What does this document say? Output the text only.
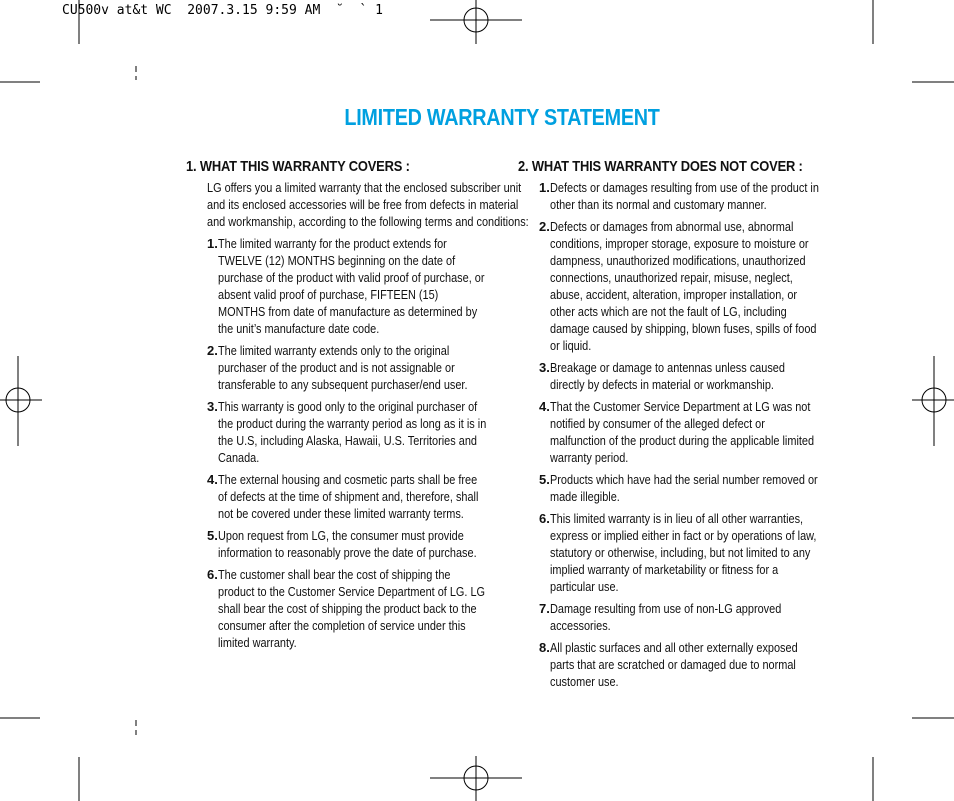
CU500v at&t WC  2007.3.15 9:59 AM  ˘  ` 1
LIMITED WARRANTY STATEMENT
1. WHAT THIS WARRANTY COVERS :
LG offers you a limited warranty that the enclosed subscriber unit and its enclosed accessories will be free from defects in material and workmanship, according to the following terms and conditions:
1. The limited warranty for the product extends for TWELVE (12) MONTHS beginning on the date of purchase of the product with valid proof of purchase, or absent valid proof of purchase, FIFTEEN (15) MONTHS from date of manufacture as determined by the unit’s manufacture date code.
2. The limited warranty extends only to the original purchaser of the product and is not assignable or transferable to any subsequent purchaser/end user.
3. This warranty is good only to the original purchaser of the product during the warranty period as long as it is in the U.S, including Alaska, Hawaii, U.S. Territories and Canada.
4. The external housing and cosmetic parts shall be free of defects at the time of shipment and, therefore, shall not be covered under these limited warranty terms.
5. Upon request from LG, the consumer must provide information to reasonably prove the date of purchase.
6. The customer shall bear the cost of shipping the product to the Customer Service Department of LG. LG shall bear the cost of shipping the product back to the consumer after the completion of service under this limited warranty.
2. WHAT THIS WARRANTY DOES NOT COVER :
1. Defects or damages resulting from use of the product in other than its normal and customary manner.
2. Defects or damages from abnormal use, abnormal conditions, improper storage, exposure to moisture or dampness, unauthorized modifications, unauthorized connections, unauthorized repair, misuse, neglect, abuse, accident, alteration, improper installation, or other acts which are not the fault of LG, including damage caused by shipping, blown fuses, spills of food or liquid.
3. Breakage or damage to antennas unless caused directly by defects in material or workmanship.
4. That the Customer Service Department at LG was not notified by consumer of the alleged defect or malfunction of the product during the applicable limited warranty period.
5. Products which have had the serial number removed or made illegible.
6. This limited warranty is in lieu of all other warranties, express or implied either in fact or by operations of law, statutory or otherwise, including, but not limited to any implied warranty of marketability or fitness for a particular use.
7. Damage resulting from use of non-LG approved accessories.
8. All plastic surfaces and all other externally exposed parts that are scratched or damaged due to normal customer use.
